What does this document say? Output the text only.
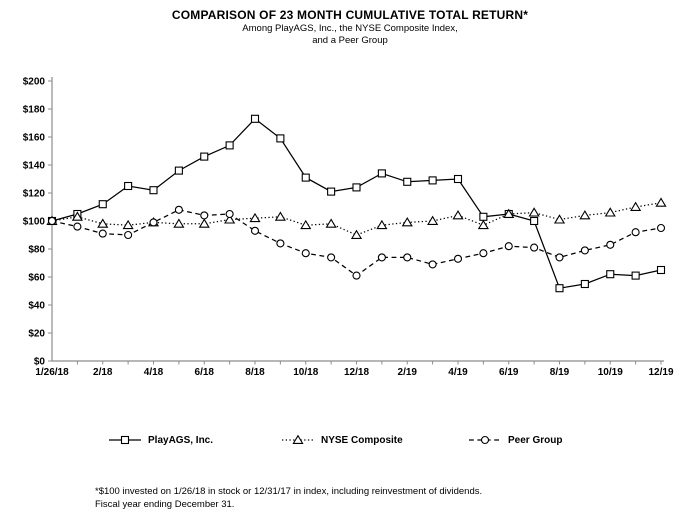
COMPARISON OF 23 MONTH CUMULATIVE TOTAL RETURN*
Among PlayAGS, Inc., the NYSE Composite Index,
and a Peer Group
$200
$180
$160
$140
$120
$100
$80
$60
$40
$20
$0
1/26/18 2/18	4/18	6/18	8/18	10/18	12/18	2/19	4/19	6/19	8/19	10/19	12/19
PlayAGS, Inc.	NYSE Composite	Peer Group
*$100 invested on 1/26/18 in stock or 12/31/17 in index, including reinvestment of dividends.
Fiscal year ending December 31.
